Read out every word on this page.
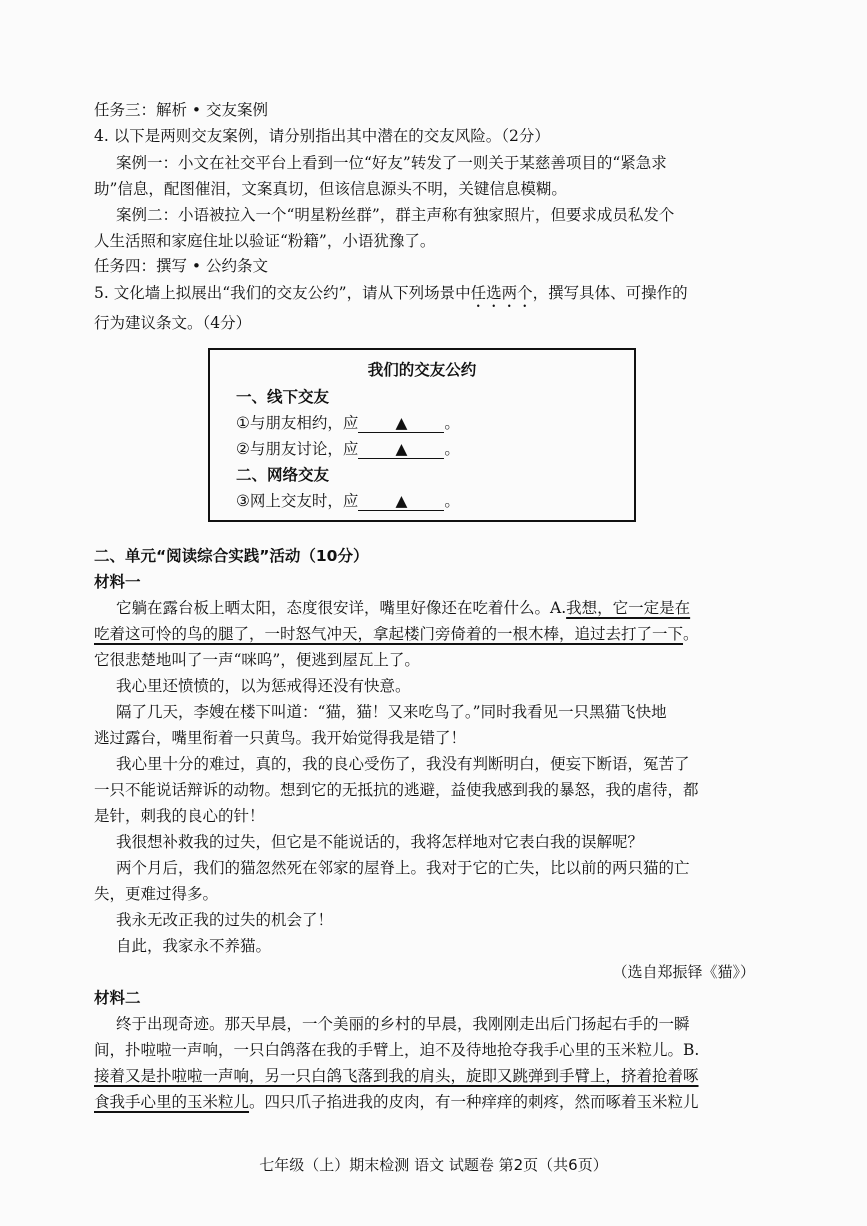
任务三：解析 • 交友案例
4. 以下是两则交友案例，请分别指出其中潜在的交友风险。（2分）
案例一：小文在社交平台上看到一位“好友”转发了一则关于某慈善项目的“紧急求
助”信息，配图催泪，文案真切，但该信息源头不明，关键信息模糊。
案例二：小语被拉入一个“明星粉丝群”，群主声称有独家照片，但要求成员私发个
人生活照和家庭住址以验证“粉籍”，小语犹豫了。
任务四：撰写 • 公约条文
5. 文化墙上拟展出“我们的交友公约”，请从下列场景中任选两个，撰写具体、可操作的
行为建议条文。（4分）
我们的交友公约
一、线下交友
①与朋友相约，应 ▲ 。
②与朋友讨论，应 ▲ 。
二、网络交友
③网上交友时，应 ▲ 。
二、单元“阅读综合实践”活动（10分）
材料一
它躺在露台板上晒太阳，态度很安详，嘴里好像还在吃着什么。A.我想，它一定是在
吃着这可怜的鸟的腿了，一时怒气冲天，拿起楼门旁倚着的一根木棒，追过去打了一下。
它很悲楚地叫了一声“咪呜”，便逃到屋瓦上了。
我心里还愤愤的，以为惩戒得还没有快意。
隔了几天，李嫂在楼下叫道：“猫，猫！又来吃鸟了。”同时我看见一只黑猫飞快地
逃过露台，嘴里衔着一只黄鸟。我开始觉得我是错了！
我心里十分的难过，真的，我的良心受伤了，我没有判断明白，便妄下断语，冤苦了
一只不能说话辩诉的动物。想到它的无抵抗的逃避，益使我感到我的暴怒，我的虐待，都
是针，刺我的良心的针！
我很想补救我的过失，但它是不能说话的，我将怎样地对它表白我的误解呢？
两个月后，我们的猫忽然死在邻家的屋脊上。我对于它的亡失，比以前的两只猫的亡
失，更难过得多。
我永无改正我的过失的机会了！
自此，我家永不养猫。
（选自郑振铎《猫》）
材料二
终于出现奇迹。那天早晨，一个美丽的乡村的早晨，我刚刚走出后门扬起右手的一瞬
间，扑啦啦一声响，一只白鸽落在我的手臂上，迫不及待地抢夺我手心里的玉米粒儿。B.
接着又是扑啦啦一声响，另一只白鸽飞落到我的肩头，旋即又跳弹到手臂上，挤着抢着啄
食我手心里的玉米粒儿。四只爪子掐进我的皮肉，有一种痒痒的刺疼，然而啄着玉米粒儿
七年级（上）期末检测 语文 试题卷 第2页（共6页）
